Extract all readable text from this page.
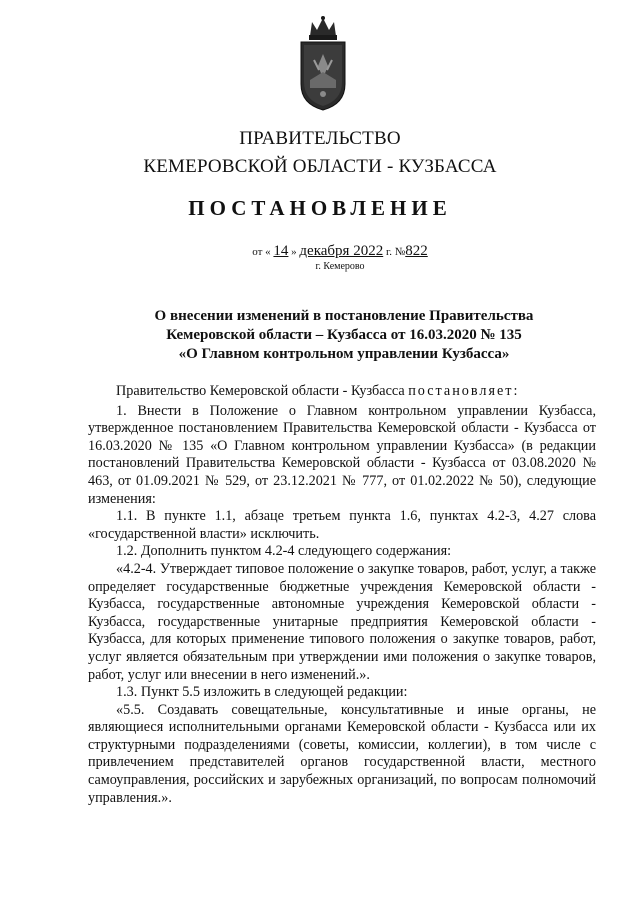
ПРАВИТЕЛЬСТВО
КЕМЕРОВСКОЙ ОБЛАСТИ - КУЗБАССА
ПОСТАНОВЛЕНИЕ
от « 14 » декабря 2022 г. №822
г. Кемерово
О внесении изменений в постановление Правительства
Кемеровской области – Кузбасса от 16.03.2020 № 135
«О Главном контрольном управлении Кузбасса»

Правительство Кемеровской области - Кузбасса постановляет:

1. Внести в Положение о Главном контрольном управлении Кузбасса, утвержденное постановлением Правительства Кемеровской области - Кузбасса от 16.03.2020 № 135 «О Главном контрольном управлении Кузбасса» (в редакции постановлений Правительства Кемеровской области - Кузбасса от 03.08.2020 № 463, от 01.09.2021 № 529, от 23.12.2021 № 777, от 01.02.2022 № 50), следующие изменения:

1.1. В пункте 1.1, абзаце третьем пункта 1.6, пунктах 4.2-3, 4.27 слова «государственной власти» исключить.

1.2. Дополнить пунктом 4.2-4 следующего содержания:

«4.2-4. Утверждает типовое положение о закупке товаров, работ, услуг, а также определяет государственные бюджетные учреждения Кемеровской области - Кузбасса, государственные автономные учреждения Кемеровской области - Кузбасса, государственные унитарные предприятия Кемеровской области - Кузбасса, для которых применение типового положения о закупке товаров, работ, услуг является обязательным при утверждении ими положения о закупке товаров, работ, услуг или внесении в него изменений.».

1.3. Пункт 5.5 изложить в следующей редакции:

«5.5. Создавать совещательные, консультативные и иные органы, не являющиеся исполнительными органами Кемеровской области - Кузбасса или их структурными подразделениями (советы, комиссии, коллегии), в том числе с привлечением представителей органов государственной власти, местного самоуправления, российских и зарубежных организаций, по вопросам полномочий управления.».
